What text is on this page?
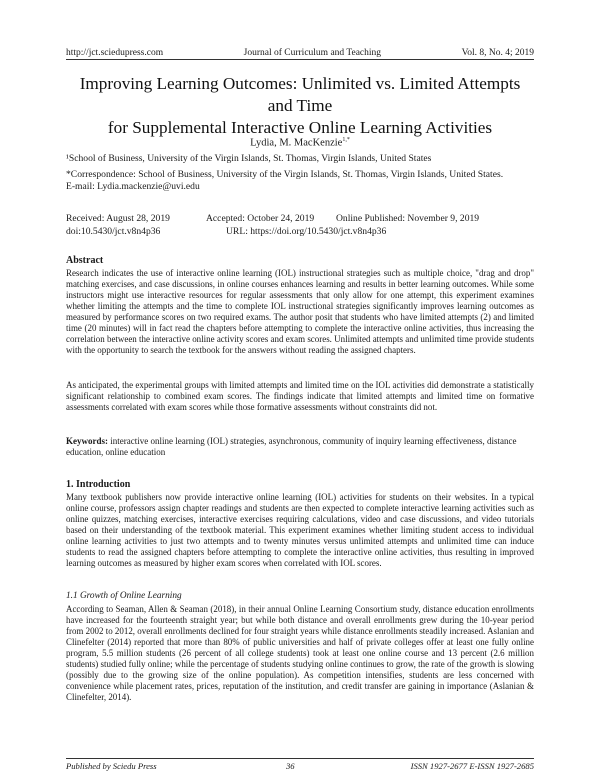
http://jct.sciedupress.com	Journal of Curriculum and Teaching	Vol. 8, No. 4; 2019
Improving Learning Outcomes: Unlimited vs. Limited Attempts and Time
for Supplemental Interactive Online Learning Activities
Lydia, M. MacKenzie$^{1,*}$
¹School of Business, University of the Virgin Islands, St. Thomas, Virgin Islands, United States
*Correspondence: School of Business, University of the Virgin Islands, St. Thomas, Virgin Islands, United States.
E-mail: Lydia.mackenzie@uvi.edu
Received: August 28, 2019	Accepted: October 24, 2019 Online Published: November 9, 2019
doi:10.5430/jct.v8n4p36	URL: https://doi.org/10.5430/jct.v8n4p36
Abstract

Research indicates the use of interactive online learning (IOL) instructional strategies such as multiple choice, "drag and drop" matching exercises, and case discussions, in online courses enhances learning and results in better learning outcomes. While some instructors might use interactive resources for regular assessments that only allow for one attempt, this experiment examines whether limiting the attempts and the time to complete IOL instructional strategies significantly improves learning outcomes as measured by performance scores on two required exams. The author posit that students who have limited attempts (2) and limited time (20 minutes) will in fact read the chapters before attempting to complete the interactive online activities, thus increasing the correlation between the interactive online activity scores and exam scores. Unlimited attempts and unlimited time provide students with the opportunity to search the textbook for the answers without reading the assigned chapters.

As anticipated, the experimental groups with limited attempts and limited time on the IOL activities did demonstrate a statistically significant relationship to combined exam scores. The findings indicate that limited attempts and limited time on formative assessments correlated with exam scores while those formative assessments without constraints did not.

Keywords: interactive online learning (IOL) strategies, asynchronous, community of inquiry learning effectiveness, distance education, online education
1. Introduction

Many textbook publishers now provide interactive online learning (IOL) activities for students on their websites. In a typical online course, professors assign chapter readings and students are then expected to complete interactive learning activities such as online quizzes, matching exercises, interactive exercises requiring calculations, video and case discussions, and video tutorials based on their understanding of the textbook material. This experiment examines whether limiting student access to individual online learning activities to just two attempts and to twenty minutes versus unlimited attempts and unlimited time can induce students to read the assigned chapters before attempting to complete the interactive online activities, thus resulting in improved learning outcomes as measured by higher exam scores when correlated with IOL scores.

1.1 Growth of Online Learning

According to Seaman, Allen & Seaman (2018), in their annual Online Learning Consortium study, distance education enrollments have increased for the fourteenth straight year; but while both distance and overall enrollments grew during the 10-year period from 2002 to 2012, overall enrollments declined for four straight years while distance enrollments steadily increased. Aslanian and Clinefelter (2014) reported that more than 80% of public universities and half of private colleges offer at least one fully online program, 5.5 million students (26 percent of all college students) took at least one online course and 13 percent (2.6 million students) studied fully online; while the percentage of students studying online continues to grow, the rate of the growth is slowing (possibly due to the growing size of the online population). As competition intensifies, students are less concerned with convenience while placement rates, prices, reputation of the institution, and credit transfer are gaining in importance (Aslanian & Clinefelter, 2014).

Published by Sciedu Press	36	ISSN 1927-2677 E-ISSN 1927-2685
